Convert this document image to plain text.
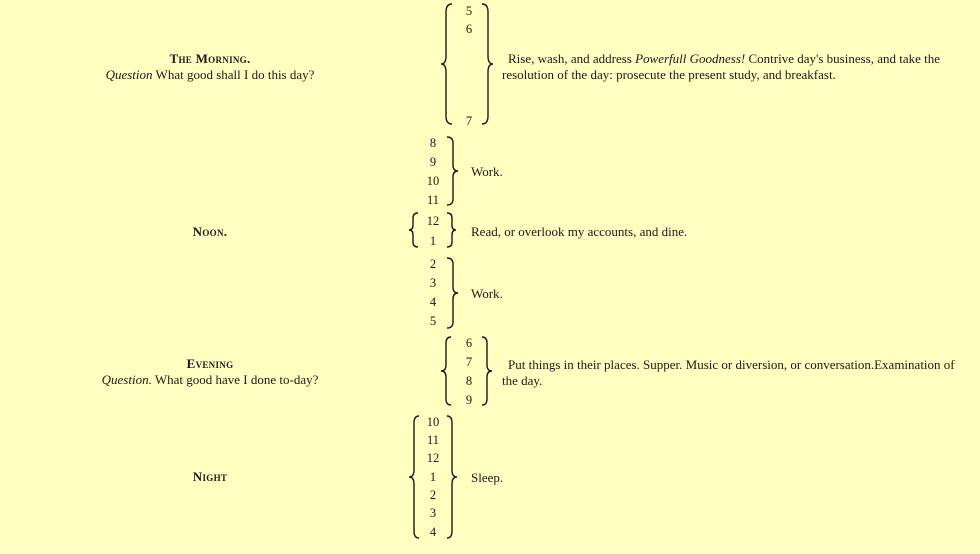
The Morning.
Question What good shall I do this day?
Noon.
Evening
Question. What good have I done to-day?
Night
5
6
7
Rise, wash, and address Powerfull Goodness! Contrive day's business, and take the resolution of the day: prosecute the present study, and breakfast.
8
9
10
11
Work.
12
1
Read, or overlook my accounts, and dine.
2
3
4
5
Work.
6
7
8
9
Put things in their places. Supper. Music or diversion, or conversation.Examination of the day.
10
11
12
1
2
3
4
Sleep.
